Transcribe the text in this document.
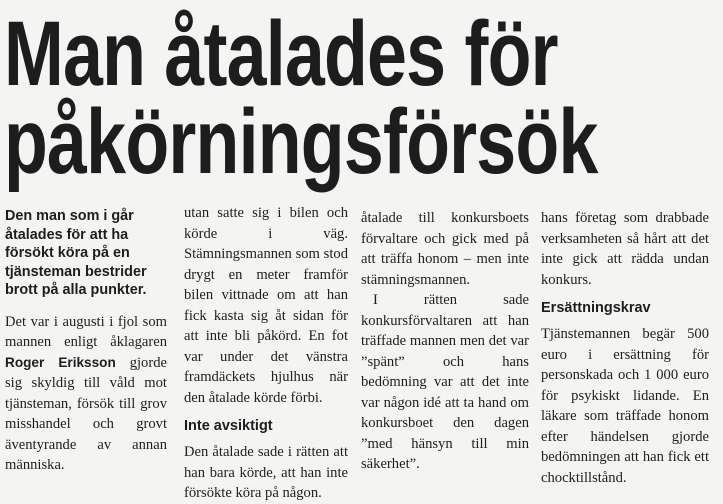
Man åtalades för
påkörningsförsök

Den man som i går åtalades för att ha försökt köra på en tjänsteman bestrider brott på alla punkter.

Det var i augusti i fjol som mannen enligt åklagaren Roger Eriksson gjorde sig skyldig till våld mot tjänsteman, försök till grov misshandel och grovt äventyrande av annan människa.

utan satte sig i bilen och körde i väg. Stämningsmannen som stod drygt en meter framför bilen vittnade om att han fick kasta sig åt sidan för att inte bli påkörd. En fot var under det vänstra framdäckets hjulhus när den åtalade körde förbi.

Inte avsiktigt

Den åtalade sade i rätten att han bara körde, att han inte försökte köra på någon.

åtalade till konkursboets förvaltare och gick med på att träffa honom – men inte stämningsmannen.

I rätten sade konkursförvaltaren att han träffade mannen men det var ”spänt” och hans bedömning var att det inte var någon idé att ta hand om konkursboet den dagen ”med hänsyn till min säkerhet”.

hans företag som drabbade verksamheten så hårt att det inte gick att rädda undan konkurs.

Ersättningskrav

Tjänstemannen begär 500 euro i ersättning för personskada och 1 000 euro för psykiskt lidande. En läkare som träffade honom efter händelsen gjorde bedömningen att han fick ett chocktillstånd.
